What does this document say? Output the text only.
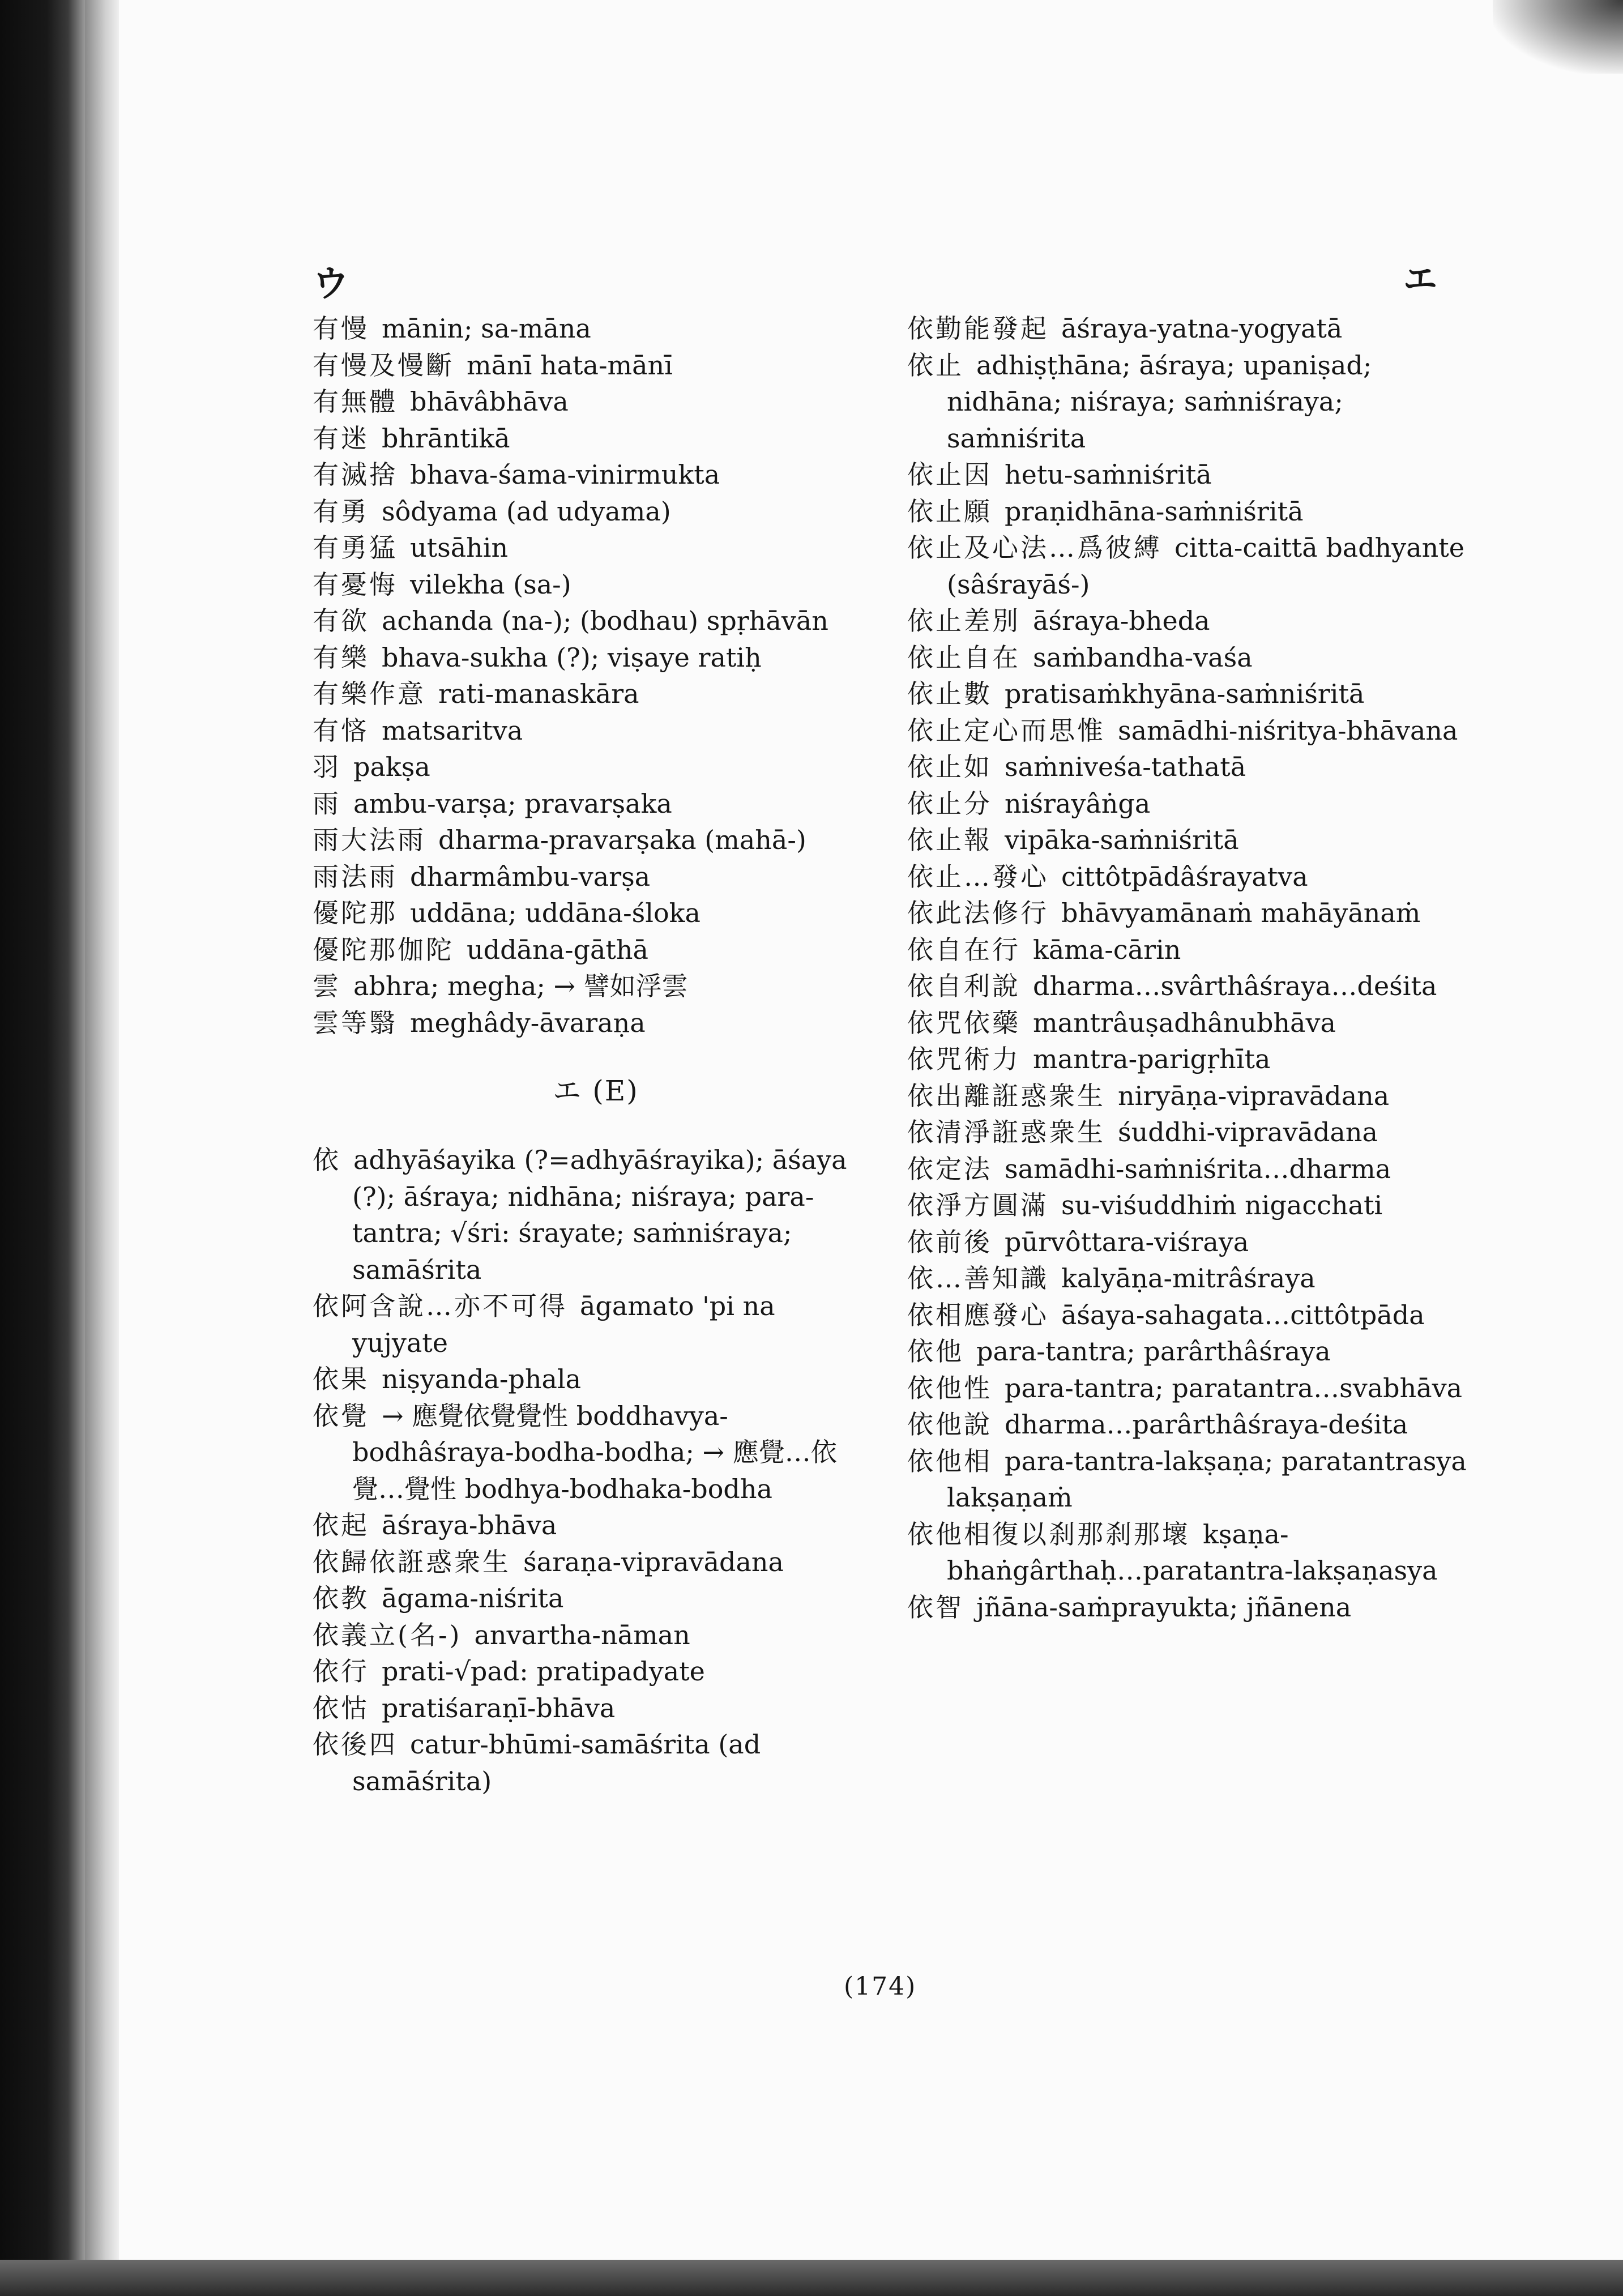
ウ	エ

有慢 mānin; sa-māna

有慢及慢斷 mānī hata-mānī

有無體 bhāvâbhāva

有迷 bhrāntikā

有滅捨 bhava-śama-vinirmukta

有勇 sôdyama (ad udyama)

有勇猛 utsāhin

有憂悔 vilekha (sa-)

有欲 achanda (na-); (bodhau) spṛhāvān

有樂 bhava-sukha (?); viṣaye ratiḥ

有樂作意 rati-manaskāra

有悋 matsaritva

羽 pakṣa

雨 ambu-varṣa; pravarṣaka

雨大法雨 dharma-pravarṣaka (mahā-)

雨法雨 dharmâmbu-varṣa

優陀那 uddāna; uddāna-śloka

優陀那伽陀 uddāna-gāthā

雲 abhra; megha; → 譬如浮雲

雲等翳 meghâdy-āvaraṇa

エ (E)

依 adhyāśayika (?=adhyāśrayika); āśaya (?); āśraya; nidhāna; niśraya; para-tantra; √śri: śrayate; saṁniśraya; samāśrita

依阿含說…亦不可得 āgamato 'pi na yujyate

依果 niṣyanda-phala

依覺 → 應覺依覺覺性 boddhavya-bodhâśraya-bodha-bodha; → 應覺…依覺…覺性 bodhya-bodhaka-bodha

依起 āśraya-bhāva

依歸依誑惑衆生 śaraṇa-vipravādana

依教 āgama-niśrita

依義立(名-) anvartha-nāman

依行 prati-√pad: pratipadyate

依怙 pratiśaraṇī-bhāva

依後四 catur-bhūmi-samāśrita (ad samāśrita)

依勤能發起 āśraya-yatna-yogyatā

依止 adhiṣṭhāna; āśraya; upaniṣad; nidhāna; niśraya; saṁniśraya; saṁniśrita

依止因 hetu-saṁniśritā

依止願 praṇidhāna-saṁniśritā

依止及心法…爲彼縛 citta-caittā badhyante (sâśrayāś-)

依止差別 āśraya-bheda

依止自在 saṁbandha-vaśa

依止數 pratisaṁkhyāna-saṁniśritā

依止定心而思惟 samādhi-niśritya-bhāvana

依止如 saṁniveśa-tathatā

依止分 niśrayâṅga

依止報 vipāka-saṁniśritā

依止…發心 cittôtpādâśrayatva

依此法修行 bhāvyamānaṁ mahāyānaṁ

依自在行 kāma-cārin

依自利說 dharma…svârthâśraya…deśita

依咒依藥 mantrâuṣadhânubhāva

依咒術力 mantra-parigṛhīta

依出離誑惑衆生 niryāṇa-vipravādana

依清淨誑惑衆生 śuddhi-vipravādana

依定法 samādhi-saṁniśrita…dharma

依淨方圓滿 su-viśuddhiṁ nigacchati

依前後 pūrvôttara-viśraya

依…善知識 kalyāṇa-mitrâśraya

依相應發心 āśaya-sahagata…cittôtpāda

依他 para-tantra; parârthâśraya

依他性 para-tantra; paratantra…svabhāva

依他說 dharma…parârthâśraya-deśita

依他相 para-tantra-lakṣaṇa; paratantrasya lakṣaṇaṁ

依他相復以刹那刹那壞 kṣaṇa-bhaṅgârthaḥ…paratantra-lakṣaṇasya

依智 jñāna-saṁprayukta; jñānena

(174)
